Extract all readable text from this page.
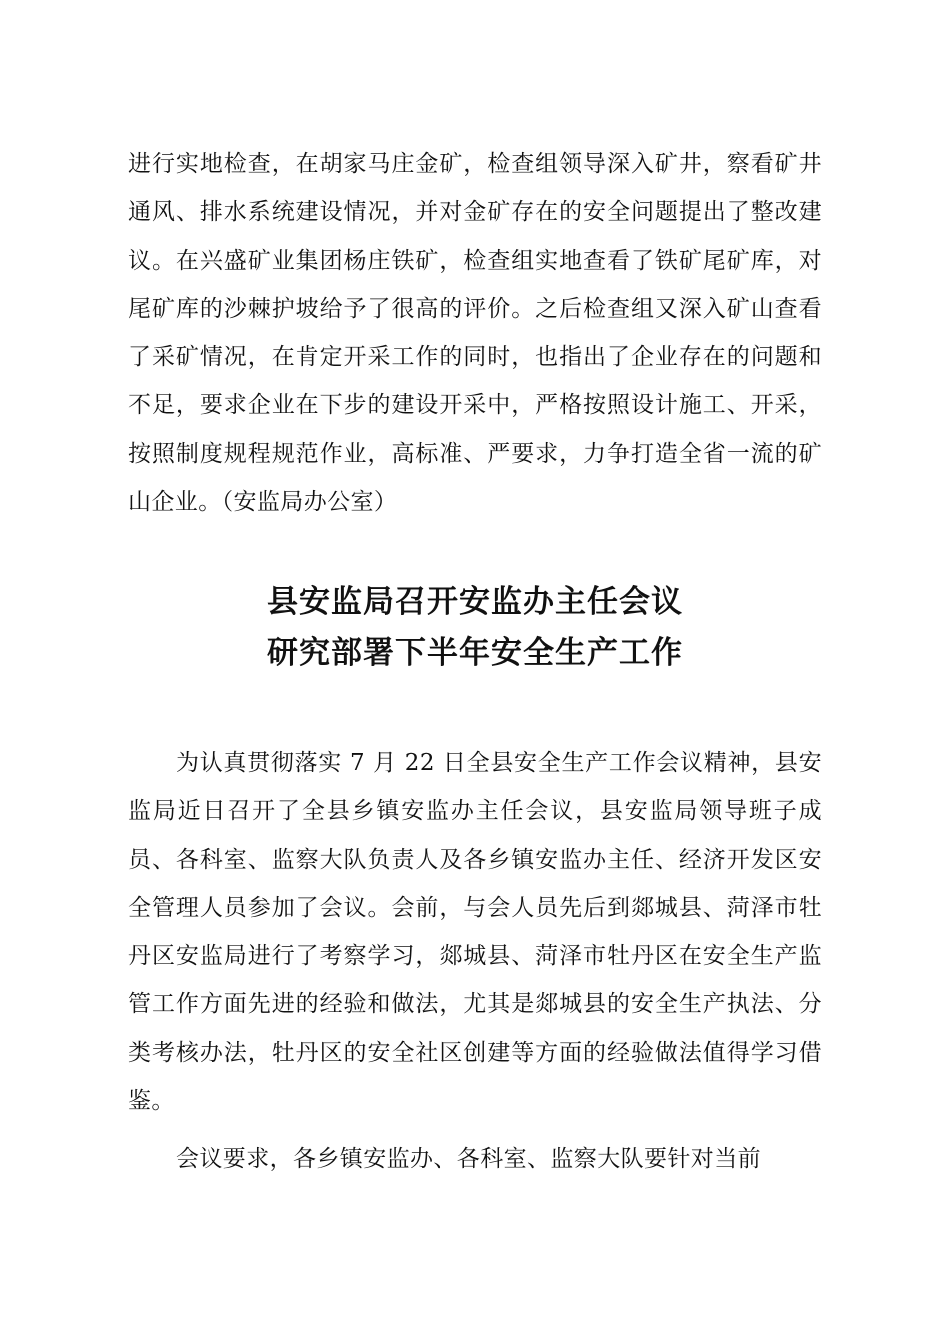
进行实地检查，在胡家马庄金矿，检查组领导深入矿井，察看矿井通风、排水系统建设情况，并对金矿存在的安全问题提出了整改建议。在兴盛矿业集团杨庄铁矿，检查组实地查看了铁矿尾矿库，对尾矿库的沙棘护坡给予了很高的评价。之后检查组又深入矿山查看了采矿情况，在肯定开采工作的同时，也指出了企业存在的问题和不足，要求企业在下步的建设开采中，严格按照设计施工、开采，按照制度规程规范作业，高标准、严要求，力争打造全省一流的矿山企业。（安监局办公室）

县安监局召开安监办主任会议
研究部署下半年安全生产工作

为认真贯彻落实 7 月 22 日全县安全生产工作会议精神，县安监局近日召开了全县乡镇安监办主任会议，县安监局领导班子成员、各科室、监察大队负责人及各乡镇安监办主任、经济开发区安全管理人员参加了会议。会前，与会人员先后到郯城县、菏泽市牡丹区安监局进行了考察学习，郯城县、菏泽市牡丹区在安全生产监管工作方面先进的经验和做法，尤其是郯城县的安全生产执法、分类考核办法，牡丹区的安全社区创建等方面的经验做法值得学习借鉴。

会议要求，各乡镇安监办、各科室、监察大队要针对当前
